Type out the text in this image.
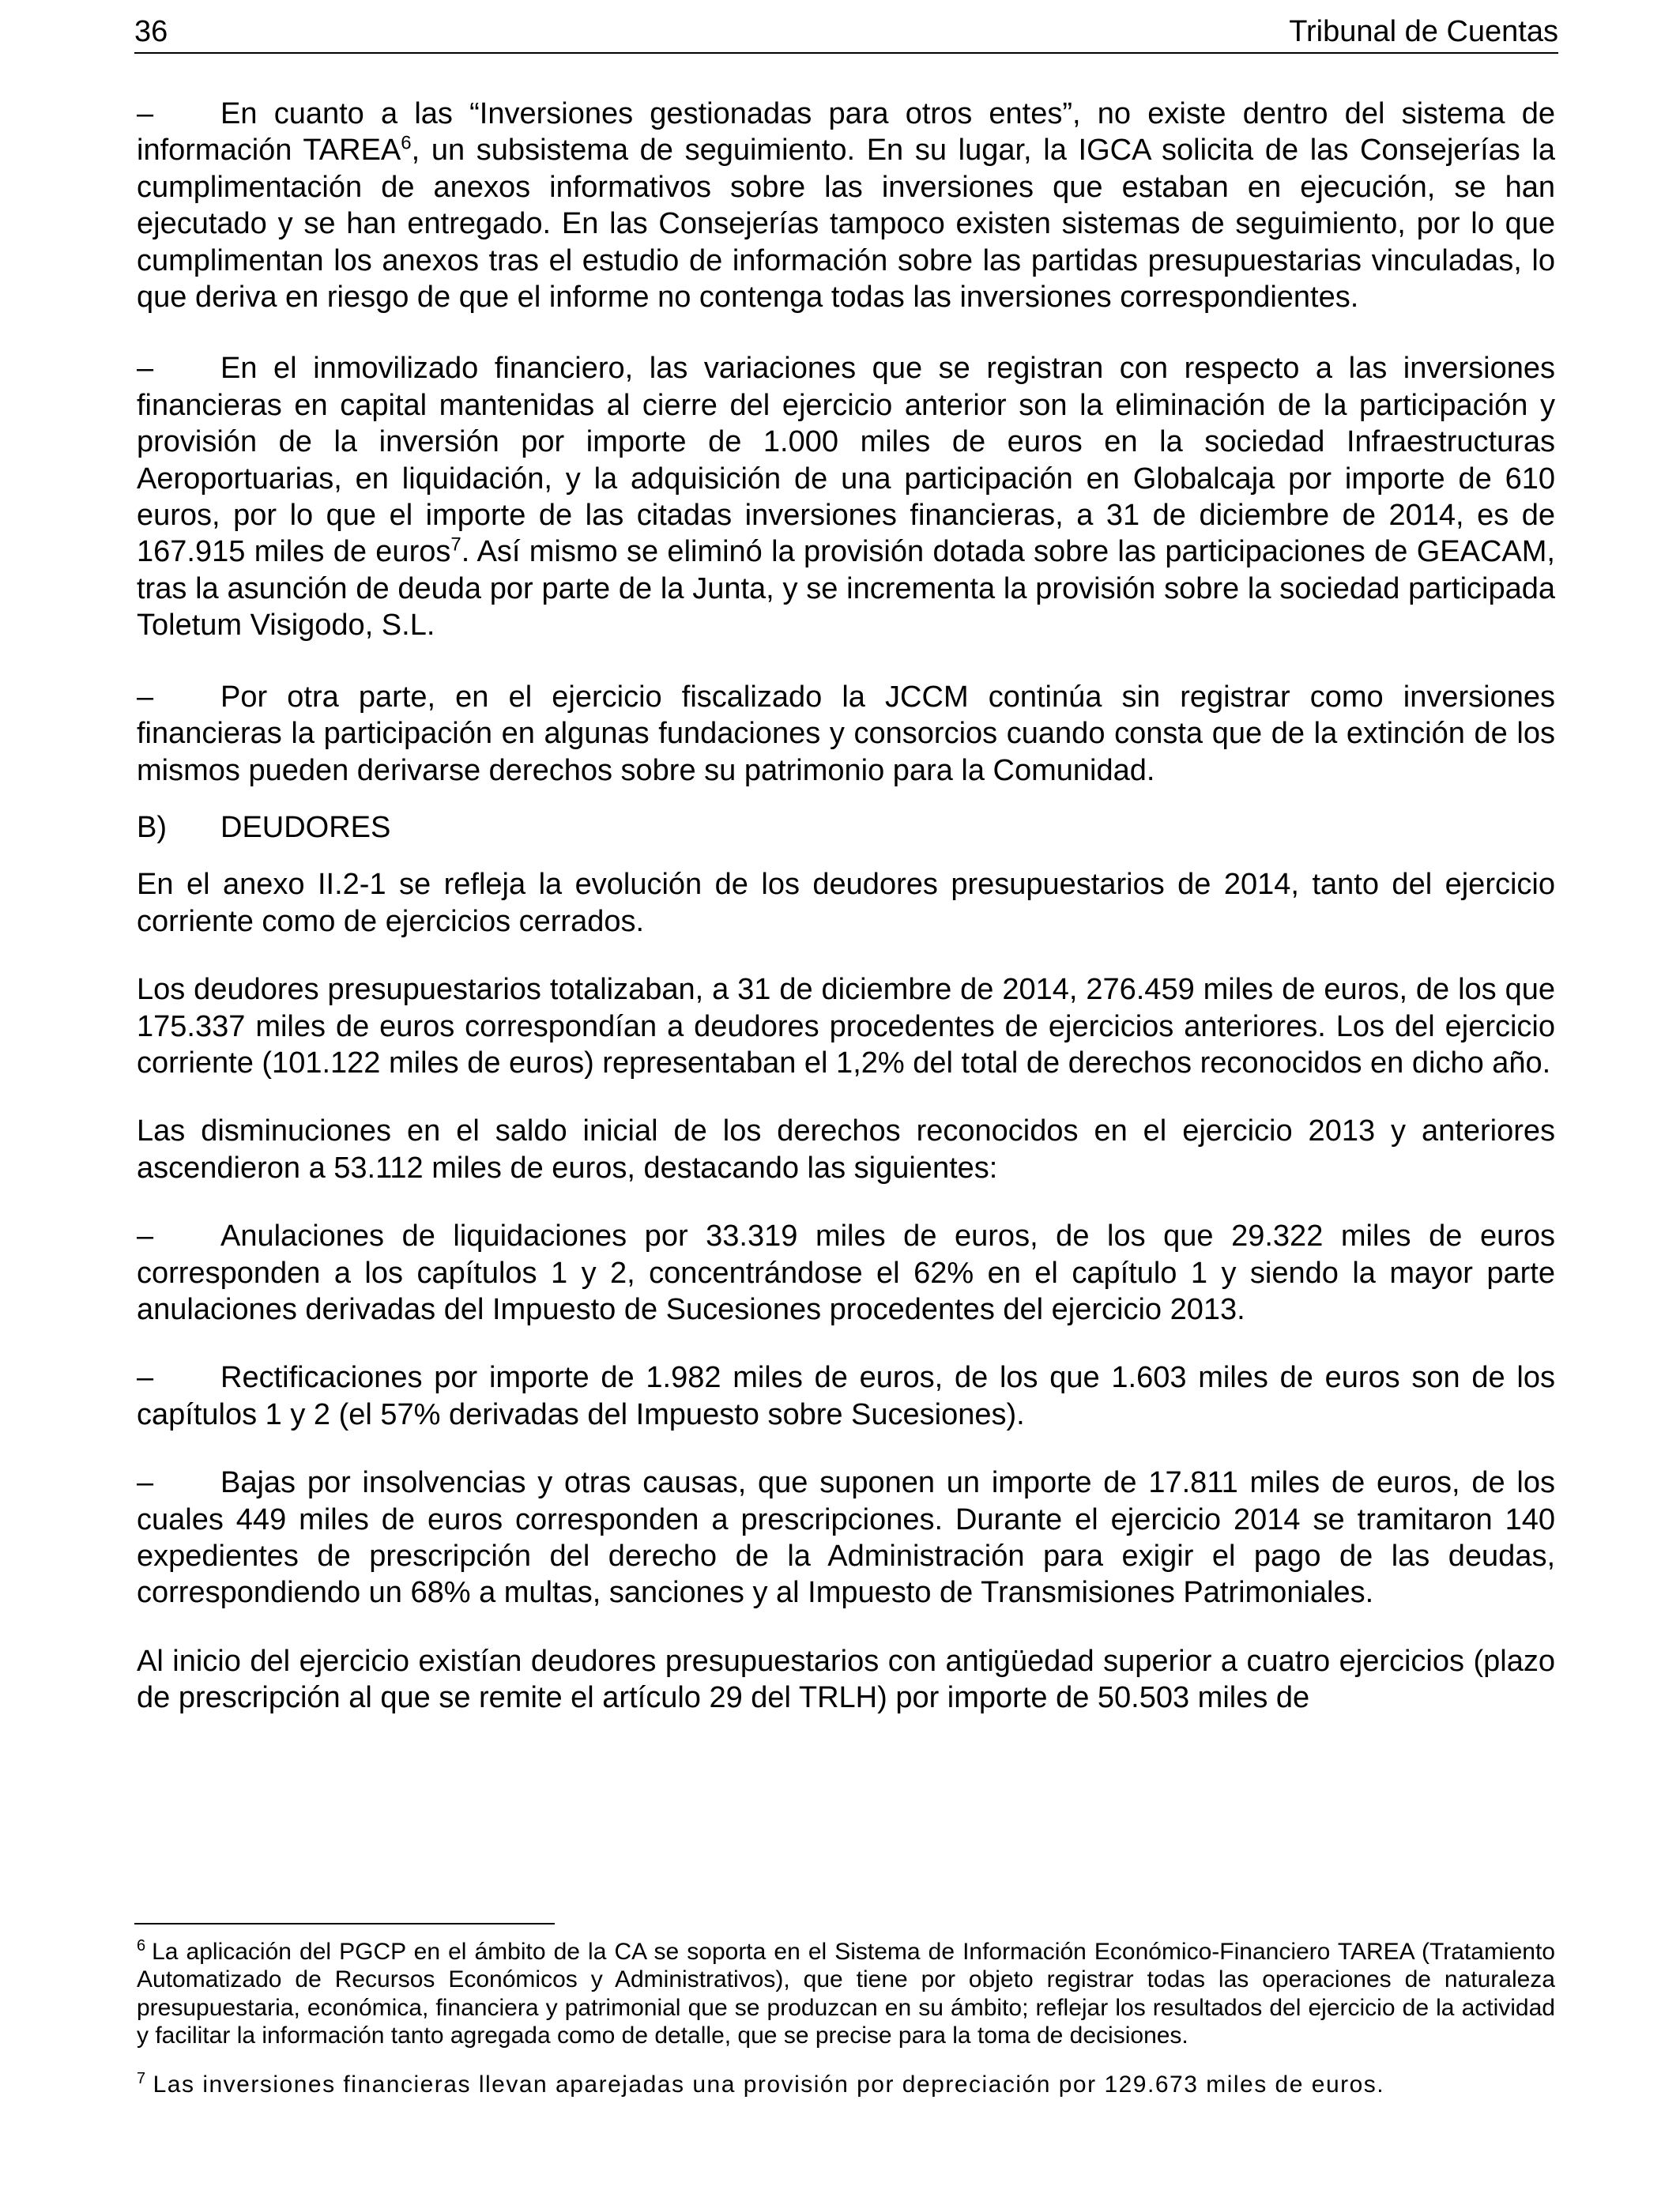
36	Tribunal de Cuentas

– En cuanto a las “Inversiones gestionadas para otros entes”, no existe dentro del sistema de información TAREA$^6$, un subsistema de seguimiento. En su lugar, la IGCA solicita de las Consejerías la cumplimentación de anexos informativos sobre las inversiones que estaban en ejecución, se han ejecutado y se han entregado. En las Consejerías tampoco existen sistemas de seguimiento, por lo que cumplimentan los anexos tras el estudio de información sobre las partidas presupuestarias vinculadas, lo que deriva en riesgo de que el informe no contenga todas las inversiones correspondientes.

– En el inmovilizado financiero, las variaciones que se registran con respecto a las inversiones financieras en capital mantenidas al cierre del ejercicio anterior son la eliminación de la participación y provisión de la inversión por importe de 1.000 miles de euros en la sociedad Infraestructuras Aeroportuarias, en liquidación, y la adquisición de una participación en Globalcaja por importe de 610 euros, por lo que el importe de las citadas inversiones financieras, a 31 de diciembre de 2014, es de 167.915 miles de euros$^7$. Así mismo se eliminó la provisión dotada sobre las participaciones de GEACAM, tras la asunción de deuda por parte de la Junta, y se incrementa la provisión sobre la sociedad participada Toletum Visigodo, S.L.

– Por otra parte, en el ejercicio fiscalizado la JCCM continúa sin registrar como inversiones financieras la participación en algunas fundaciones y consorcios cuando consta que de la extinción de los mismos pueden derivarse derechos sobre su patrimonio para la Comunidad.

B) DEUDORES

En el anexo II.2-1 se refleja la evolución de los deudores presupuestarios de 2014, tanto del ejercicio corriente como de ejercicios cerrados.

Los deudores presupuestarios totalizaban, a 31 de diciembre de 2014, 276.459 miles de euros, de los que 175.337 miles de euros correspondían a deudores procedentes de ejercicios anteriores. Los del ejercicio corriente (101.122 miles de euros) representaban el 1,2% del total de derechos reconocidos en dicho año.

Las disminuciones en el saldo inicial de los derechos reconocidos en el ejercicio 2013 y anteriores ascendieron a 53.112 miles de euros, destacando las siguientes:

– Anulaciones de liquidaciones por 33.319 miles de euros, de los que 29.322 miles de euros corresponden a los capítulos 1 y 2, concentrándose el 62% en el capítulo 1 y siendo la mayor parte anulaciones derivadas del Impuesto de Sucesiones procedentes del ejercicio 2013.

– Rectificaciones por importe de 1.982 miles de euros, de los que 1.603 miles de euros son de los capítulos 1 y 2 (el 57% derivadas del Impuesto sobre Sucesiones).

– Bajas por insolvencias y otras causas, que suponen un importe de 17.811 miles de euros, de los cuales 449 miles de euros corresponden a prescripciones. Durante el ejercicio 2014 se tramitaron 140 expedientes de prescripción del derecho de la Administración para exigir el pago de las deudas, correspondiendo un 68% a multas, sanciones y al Impuesto de Transmisiones Patrimoniales.

Al inicio del ejercicio existían deudores presupuestarios con antigüedad superior a cuatro ejercicios (plazo de prescripción al que se remite el artículo 29 del TRLH) por importe de 50.503 miles de

$^6$ La aplicación del PGCP en el ámbito de la CA se soporta en el Sistema de Información Económico-Financiero TAREA (Tratamiento Automatizado de Recursos Económicos y Administrativos), que tiene por objeto registrar todas las operaciones de naturaleza presupuestaria, económica, financiera y patrimonial que se produzcan en su ámbito; reflejar los resultados del ejercicio de la actividad y facilitar la información tanto agregada como de detalle, que se precise para la toma de decisiones.

$^7$ Las inversiones financieras llevan aparejadas una provisión por depreciación por 129.673 miles de euros.
